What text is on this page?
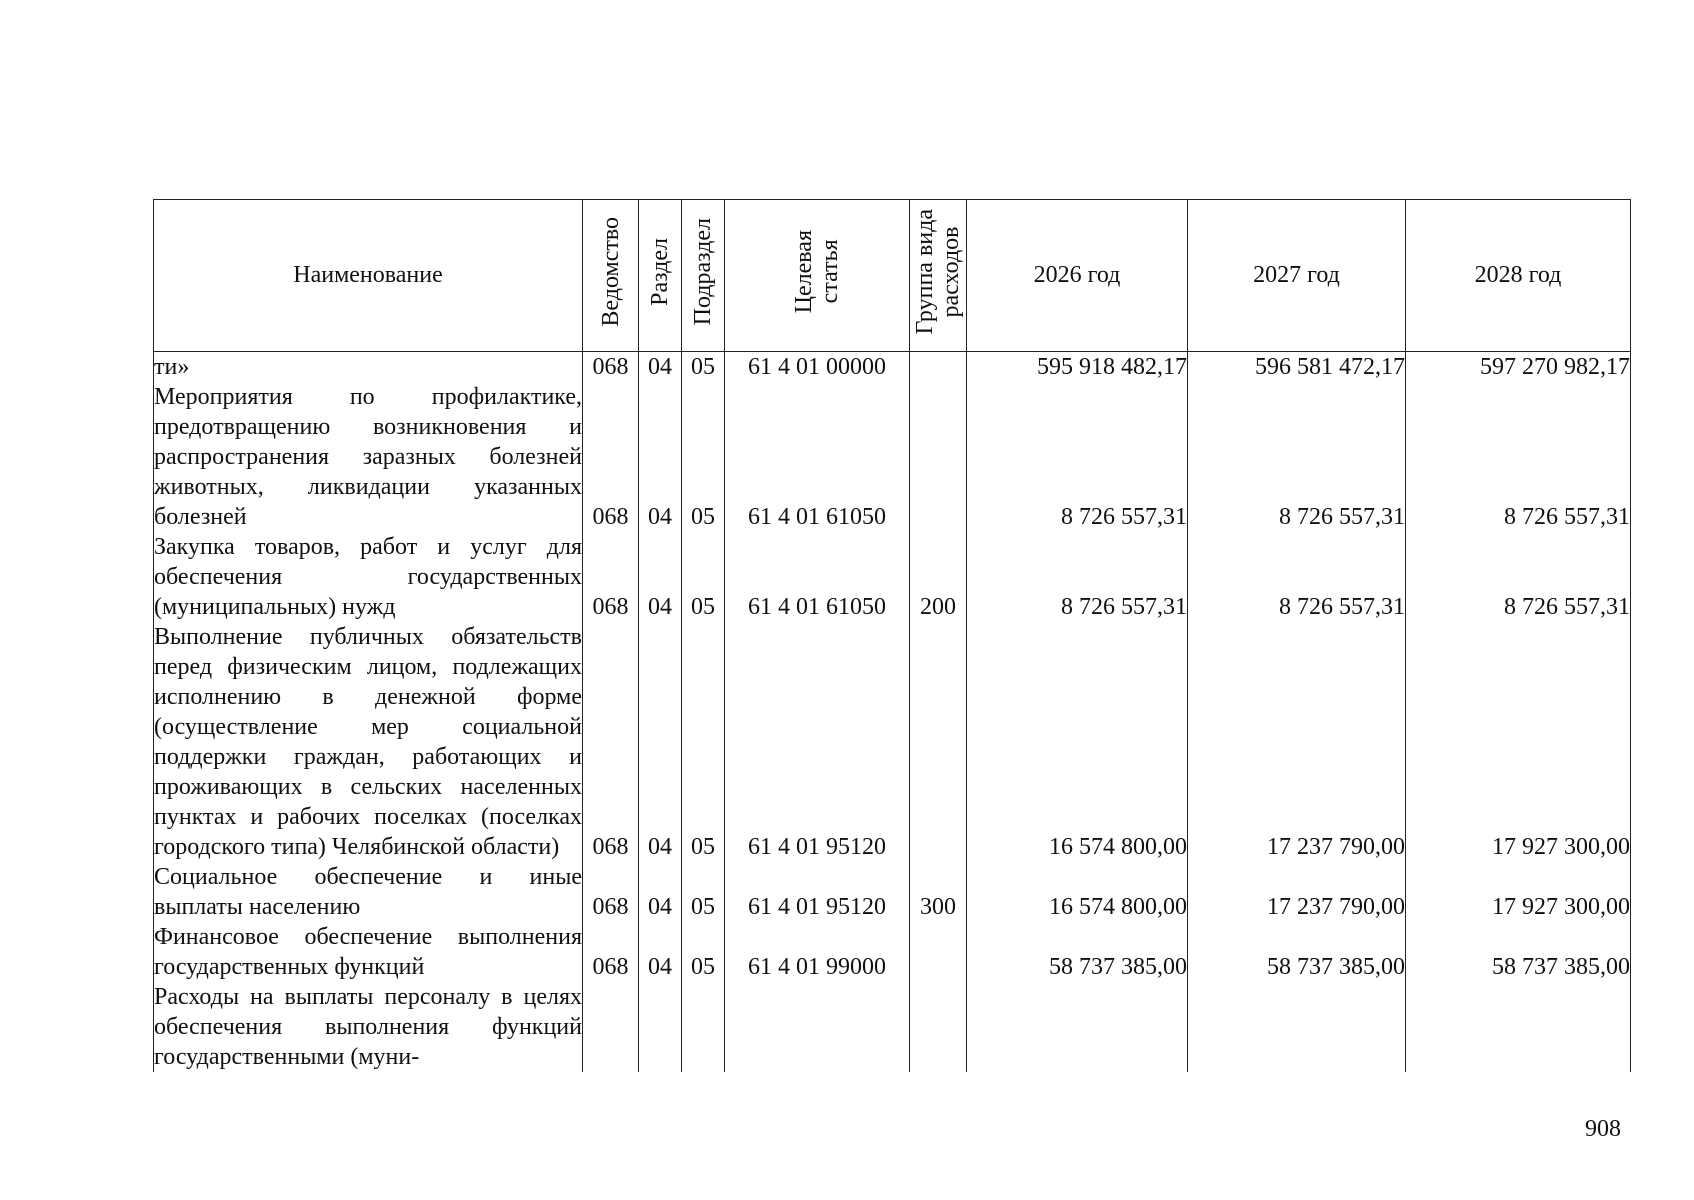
Наименование	Ведомство	Раздел	Подраздел	Целевая статья	Группа вида расходов	2026 год	2027 год	2028 год
ти»	068	04	05	61 4 01 00000		595 918 482,17	596 581 472,17	597 270 982,17
Мероприятия по профилактике, предотвращению возникновения и распространения заразных болезней животных, ликвидации указанных болезней	068	04	05	61 4 01 61050		8 726 557,31	8 726 557,31	8 726 557,31
Закупка товаров, работ и услуг для обеспечения государственных (муниципальных) нужд	068	04	05	61 4 01 61050	200	8 726 557,31	8 726 557,31	8 726 557,31
Выполнение публичных обязательств перед физическим лицом, подлежащих исполнению в денежной форме (осуществление мер социальной поддержки граждан, работающих и проживающих в сельских населенных пунктах и рабочих поселках (поселках городского типа) Челябинской области)	068	04	05	61 4 01 95120		16 574 800,00	17 237 790,00	17 927 300,00
Социальное обеспечение и иные выплаты населению	068	04	05	61 4 01 95120	300	16 574 800,00	17 237 790,00	17 927 300,00
Финансовое обеспечение выполнения государственных функций	068	04	05	61 4 01 99000		58 737 385,00	58 737 385,00	58 737 385,00
Расходы на выплаты персоналу в целях обеспечения выполнения функций государственными (муни-								
908
